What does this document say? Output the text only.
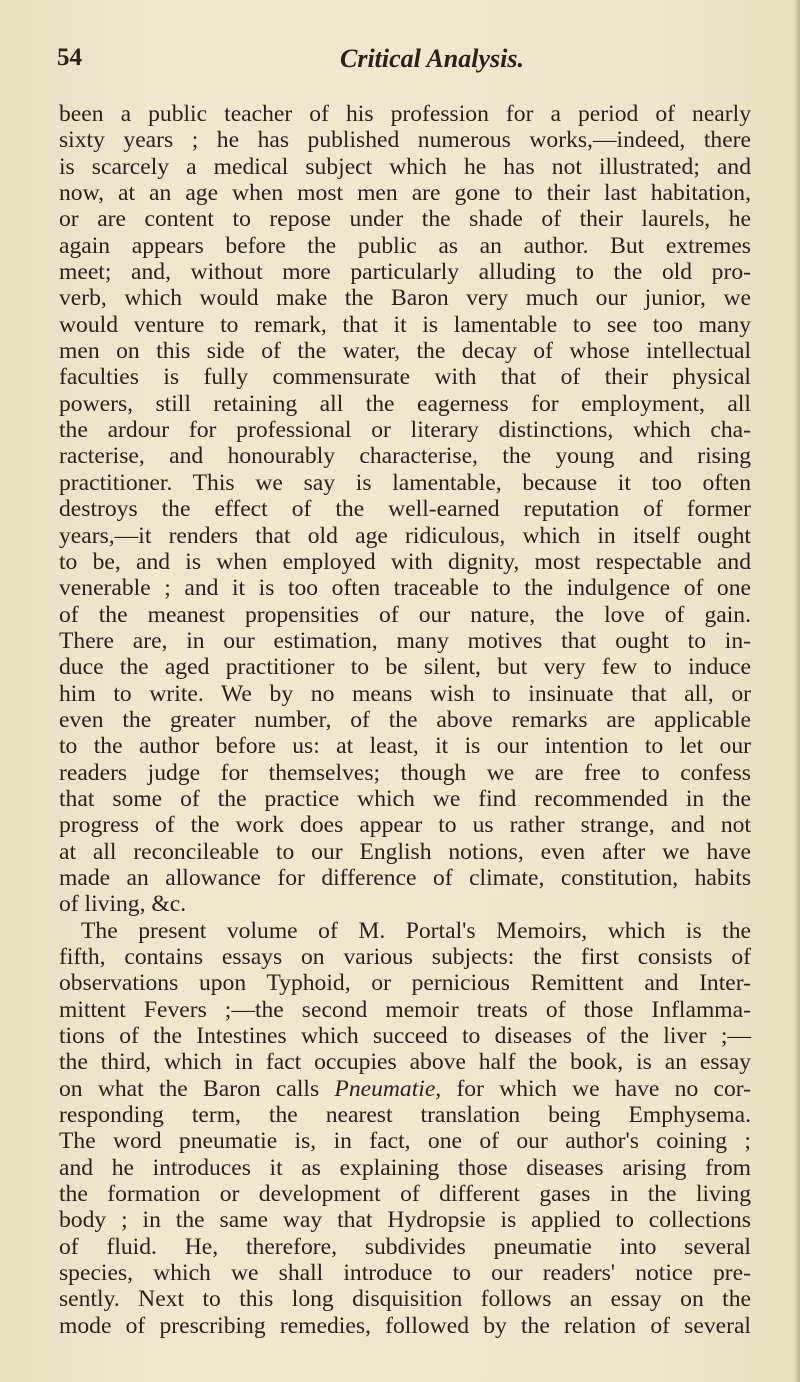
54	Critical Analysis.
been a public teacher of his profession for a period of nearly
sixty years ; he has published numerous works,—indeed, there
is scarcely a medical subject which he has not illustrated; and
now, at an age when most men are gone to their last habitation,
or are content to repose under the shade of their laurels, he
again appears before the public as an author. But extremes
meet; and, without more particularly alluding to the old pro-
verb, which would make the Baron very much our junior, we
would venture to remark, that it is lamentable to see too many
men on this side of the water, the decay of whose intellectual
faculties is fully commensurate with that of their physical
powers, still retaining all the eagerness for employment, all
the ardour for professional or literary distinctions, which cha-
racterise, and honourably characterise, the young and rising
practitioner. This we say is lamentable, because it too often
destroys the effect of the well-earned reputation of former
years,—it renders that old age ridiculous, which in itself ought
to be, and is when employed with dignity, most respectable and
venerable ; and it is too often traceable to the indulgence of one
of the meanest propensities of our nature, the love of gain.
There are, in our estimation, many motives that ought to in-
duce the aged practitioner to be silent, but very few to induce
him to write. We by no means wish to insinuate that all, or
even the greater number, of the above remarks are applicable
to the author before us: at least, it is our intention to let our
readers judge for themselves; though we are free to confess
that some of the practice which we find recommended in the
progress of the work does appear to us rather strange, and not
at all reconcileable to our English notions, even after we have
made an allowance for difference of climate, constitution, habits
of living, &c.
The present volume of M. Portal's Memoirs, which is the
fifth, contains essays on various subjects: the first consists of
observations upon Typhoid, or pernicious Remittent and Inter-
mittent Fevers ;—the second memoir treats of those Inflamma-
tions of the Intestines which succeed to diseases of the liver ;—
the third, which in fact occupies above half the book, is an essay
on what the Baron calls Pneumatie, for which we have no cor-
responding term, the nearest translation being Emphysema.
The word pneumatie is, in fact, one of our author's coining ;
and he introduces it as explaining those diseases arising from
the formation or development of different gases in the living
body ; in the same way that Hydropsie is applied to collections
of fluid. He, therefore, subdivides pneumatie into several
species, which we shall introduce to our readers' notice pre-
sently. Next to this long disquisition follows an essay on the
mode of prescribing remedies, followed by the relation of several
